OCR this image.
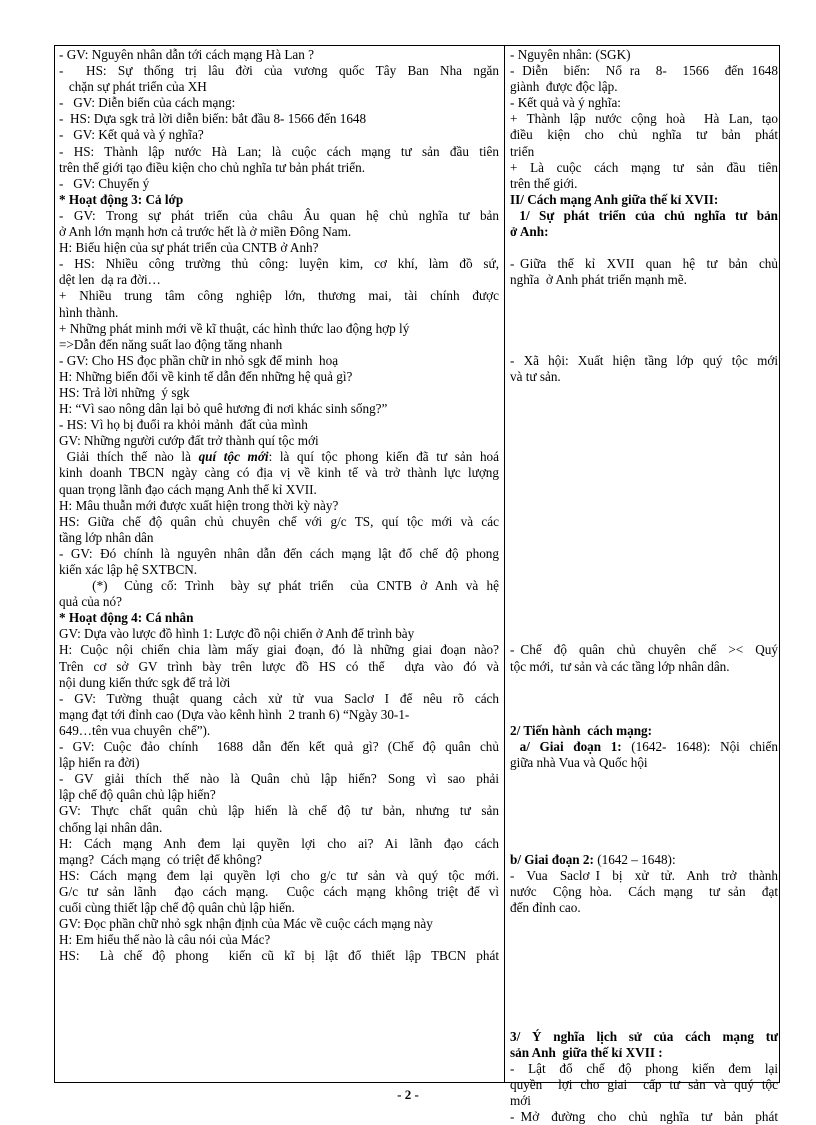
- GV: Nguyên nhân dẫn tới cách mạng Hà Lan ?
-  HS: Sự thống trị lâu đời của vương quốc Tây Ban Nha ngăn
chặn sự phát triển của XH
-   GV: Diễn biến của cách mạng:
-  HS: Dựa sgk trả lời diễn biến: bắt đầu 8- 1566 đến 1648
-   GV: Kết quả và ý nghĩa?
- HS: Thành lập nước Hà Lan; là cuộc cách mạng tư sản đầu tiên
trên thế giới tạo điều kiện cho chủ nghĩa tư bản phát triển.
-   GV: Chuyển ý
* Hoạt động 3: Cả lớp
- GV: Trong sự phát triển của châu Âu quan hệ chủ nghĩa tư bản
ở Anh lớn mạnh hơn cả trước hết là ở miền Đông Nam.
H: Biểu hiện của sự phát triển của CNTB ở Anh?
- HS: Nhiều công trường thủ công: luyện kim, cơ khí, làm đồ sứ,
dệt len  dạ ra đời…
+ Nhiều trung tâm công nghiệp lớn, thương mai, tài chính được
hình thành.
+ Những phát minh mới về kĩ thuật, các hình thức lao động hợp lý
=>Dẫn đến năng suất lao động tăng nhanh
- GV: Cho HS đọc phần chữ in nhỏ sgk để minh  hoạ
H: Những biến đổi về kinh tế dẫn đến những hệ quả gì?
HS: Trả lời những  ý sgk
H: “Vì sao nông dân lại bỏ quê hương đi nơi khác sinh sống?”
- HS: Vì họ bị đuổi ra khỏi mảnh  đất của mình
GV: Những người cướp đất trở thành quí tộc mới
Giải thích thế nào là quí tộc mới: là quí tộc phong kiến đã tư sản hoá
kinh doanh TBCN ngày càng có địa vị về kinh tế và trở thành lực lượng
quan trọng lãnh đạo cách mạng Anh thế kỉ XVII.
H: Mâu thuẫn mới được xuất hiện trong thời kỳ này?
HS: Giữa chế độ quân chủ chuyên chế với g/c TS, quí tộc mới và các
tầng lớp nhân dân
- GV: Đó chính là nguyên nhân dẫn đến cách mạng lật đổ chế độ phong
kiến xác lập hệ SXTBCN.
(*)  Củng cố: Trình  bày sự phát triển  của CNTB ở Anh và hệ
quả của nó?
* Hoạt động 4: Cá nhân
GV: Dựa vào lược đồ hình 1: Lược đồ nội chiến ở Anh để trình bày
H: Cuộc nội chiến chia làm mấy giai đoạn, đó là những giai đoạn nào?
Trên cơ sở GV trình bày trên lược đồ HS có thể  dựa vào đó và
nội dung kiến thức sgk để trả lời
- GV: Tường thuật quang cảch xử tử vua Saclơ I để nêu rõ cách
mạng đạt tới đỉnh cao (Dựa vào kênh hình  2 tranh 6) “Ngày 30-1-
649…tên vua chuyên  chế”).
- GV: Cuộc đảo chính  1688 dẫn đến kết quả gì? (Chế độ quân chủ
lập hiến ra đời)
- GV giải thích thế nào là Quân chủ lập hiến? Song vì sao phải
lập chế độ quân chủ lập hiến?
GV: Thực chất quân chủ lập hiến là chế độ tư bản, nhưng tư sản
chống lại nhân dân.
H: Cách mạng Anh đem lại quyền lợi cho ai? Ai lãnh đạo cách
mạng?  Cách mạng  có triệt để không?
HS: Cách mạng đem lại quyền lợi cho g/c tư sản và quý tộc mới.
G/c tư sản lãnh  đạo cách mạng.  Cuộc cách mạng không triệt để vì
cuối cùng thiết lập chế độ quân chủ lập hiến.
GV: Đọc phần chữ nhỏ sgk nhận định của Mác về cuộc cách mạng này
H: Em hiểu thế nào là câu nói của Mác?
HS:  Là chế độ phong  kiến cũ kĩ bị lật đổ thiết lập TBCN phát
- Nguyên nhân: (SGK)
- Diễn  biến:  Nổ ra  8-  1566  đến 1648
giành  được độc lập.
- Kết quả và ý nghĩa:
+ Thành lập nước cộng hoà  Hà Lan, tạo
điều  kiện  cho  chủ  nghĩa  tư  bản  phát
triển
+  Là  cuộc  cách  mạng  tư  sản  đầu  tiên
trên thế giới.
II/ Cách mạng Anh giữa thế kỉ XVII:
1/ Sự phát triển của chủ nghĩa tư bản
ở Anh:

- Giữa  thế  kỉ  XVII  quan  hệ  tư  bản  chủ
nghĩa  ở Anh phát triển mạnh mẽ.

- Xã hội: Xuất hiện tầng lớp quý tộc mới
và tư sản.

- Chế  độ  quân  chủ  chuyên  chế  ><  Quý
tộc mới,  tư sản và các tầng lớp nhân dân.

2/ Tiến hành  cách mạng:
a/ Giai đoạn 1: (1642- 1648): Nội chiến
giữa nhà Vua và Quốc hội

b/ Giai đoạn 2: (1642 – 1648):
-  Vua  Saclơ I  bị  xử  tử.  Anh  trở  thành
nước  Cộng hòa.  Cách mạng  tư sản  đạt
đến đỉnh cao.

3/ Ý nghĩa lịch sử của cách mạng tư
sản Anh  giữa thế kỉ XVII :
-  Lật  đổ  chế  độ  phong  kiến  đem  lại
quyền  lợi cho giai  cấp tư sản và quý tộc
mới
- Mở  đường  cho  chủ  nghĩa  tư  bản  phát
- 2 -
